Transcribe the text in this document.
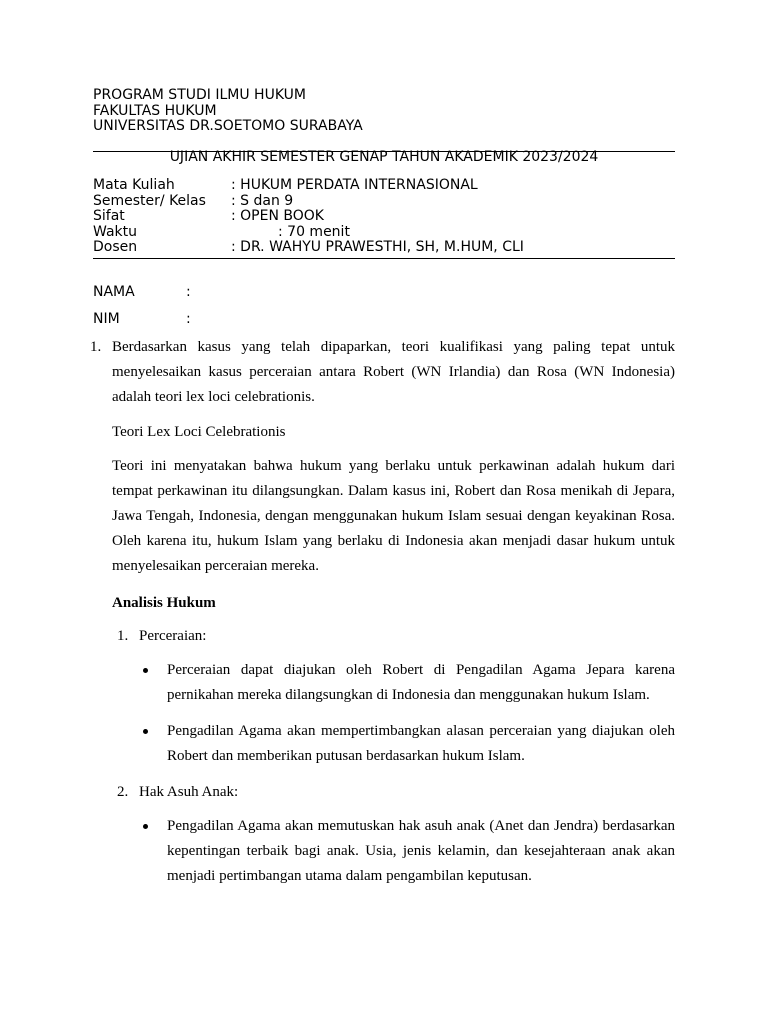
PROGRAM STUDI ILMU HUKUM
FAKULTAS HUKUM
UNIVERSITAS DR.SOETOMO SURABAYA
UJIAN AKHIR SEMESTER GENAP TAHUN AKADEMIK 2023/2024
Mata Kuliah	: HUKUM PERDATA INTERNASIONAL
Semester/ Kelas : S dan 9
Sifat	: OPEN BOOK
Waktu	: 70 menit
Dosen	: DR. WAHYU PRAWESTHI, SH, M.HUM, CLI
NAMA	:
NIM	:
1. Berdasarkan kasus yang telah dipaparkan, teori kualifikasi yang paling tepat untuk menyelesaikan kasus perceraian antara Robert (WN Irlandia) dan Rosa (WN Indonesia) adalah teori lex loci celebrationis.
Teori Lex Loci Celebrationis
Teori ini menyatakan bahwa hukum yang berlaku untuk perkawinan adalah hukum dari tempat perkawinan itu dilangsungkan. Dalam kasus ini, Robert dan Rosa menikah di Jepara, Jawa Tengah, Indonesia, dengan menggunakan hukum Islam sesuai dengan keyakinan Rosa. Oleh karena itu, hukum Islam yang berlaku di Indonesia akan menjadi dasar hukum untuk menyelesaikan perceraian mereka.
Analisis Hukum
1. Perceraian:
Perceraian dapat diajukan oleh Robert di Pengadilan Agama Jepara karena pernikahan mereka dilangsungkan di Indonesia dan menggunakan hukum Islam.
Pengadilan Agama akan mempertimbangkan alasan perceraian yang diajukan oleh Robert dan memberikan putusan berdasarkan hukum Islam.
2. Hak Asuh Anak:
Pengadilan Agama akan memutuskan hak asuh anak (Anet dan Jendra) berdasarkan kepentingan terbaik bagi anak. Usia, jenis kelamin, dan kesejahteraan anak akan menjadi pertimbangan utama dalam pengambilan keputusan.
